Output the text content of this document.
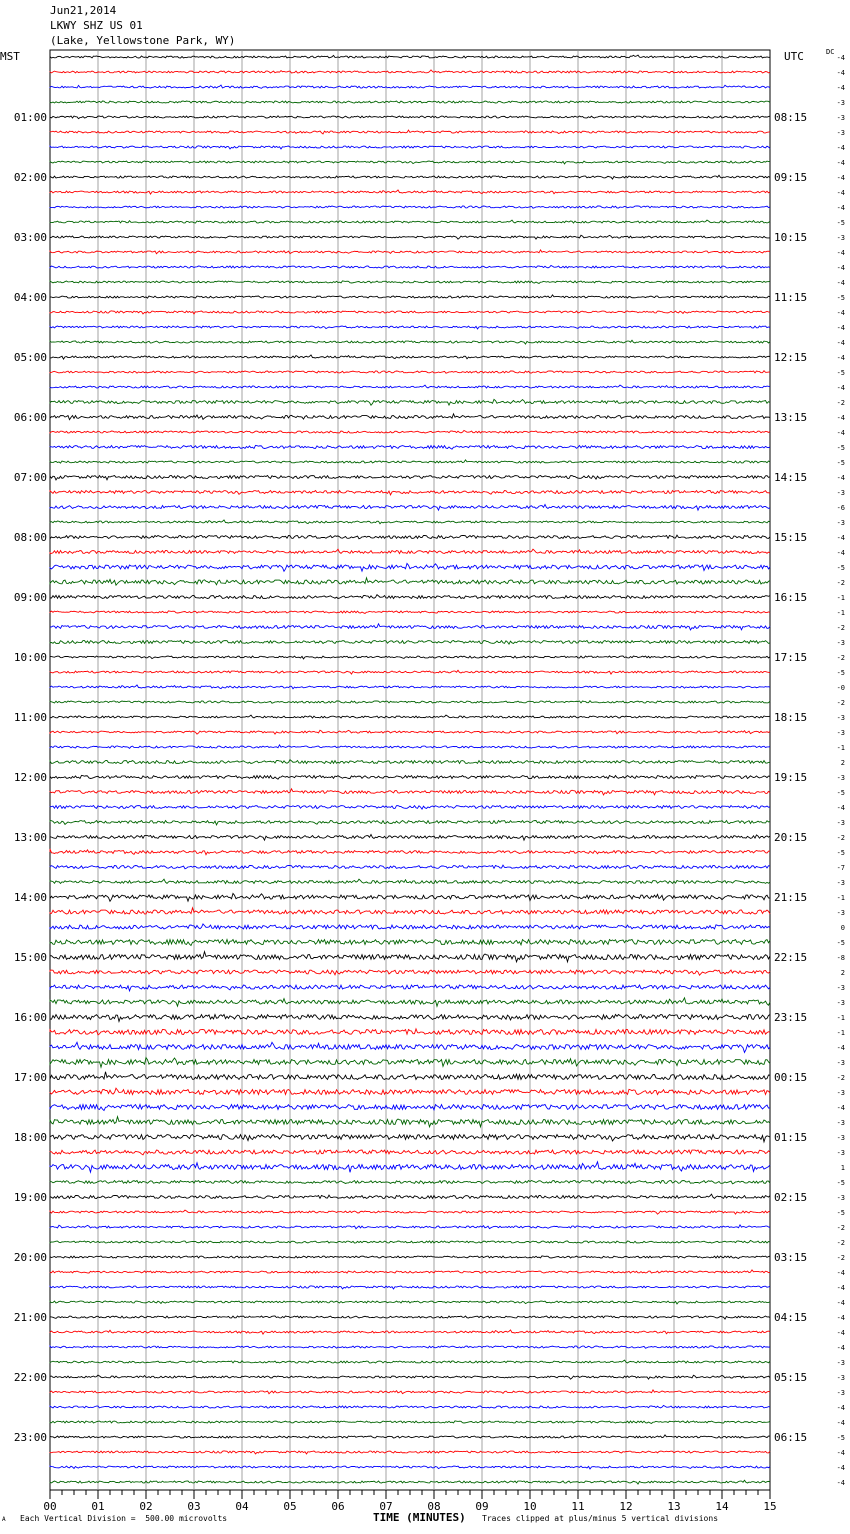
Jun21,2014
LKWY SHZ US 01
(Lake, Yellowstone Park, WY)
MST	UTC	DC
-4
-4
-4
-3
-3
-3
-4
-4
-4
-4
-4
-5
-3
-4
-4
-4
-5
-4
-4
-4
-4
-5
-4
-2
-4
-4
-5
-5
-4
-3
-6
-3
-4
-4
-5
-2
-1
-1
-2
-3
-2
-5
-0
-2
-3
-3
-1
2
-3
-5
-4
-3
-2
-5
-7
-3
-1
-3
0
-5
-8
2
-3
-3
-1
-1
-4
-3
-2
-3
-4
-3
-3
-3
1
-5
-3
-5
-2
-2
-2
-4
-4
-4
-4
-4
-4
-3
-3
-3
-4
-4
-5
-4
-4
-4
01:00
02:00
03:00
04:00
05:00
06:00
07:00
08:00
09:00
10:00
11:00
12:00
13:00
14:00
15:00
16:00
17:00
18:00
19:00
20:00
21:00
22:00
23:00
08:15
09:15
10:15
11:15
12:15
13:15
14:15
15:15
16:15
17:15
18:15
19:15
20:15
21:15
22:15
23:15
00:15
01:15
02:15
03:15
04:15
05:15
06:15
00	01	02	03	04	05	06	07	08	09	10	11	12	13	14	15
TIME (MINUTES)
A Each Vertical Division =  500.00 microvolts	Traces clipped at plus/minus 5 vertical divisions
